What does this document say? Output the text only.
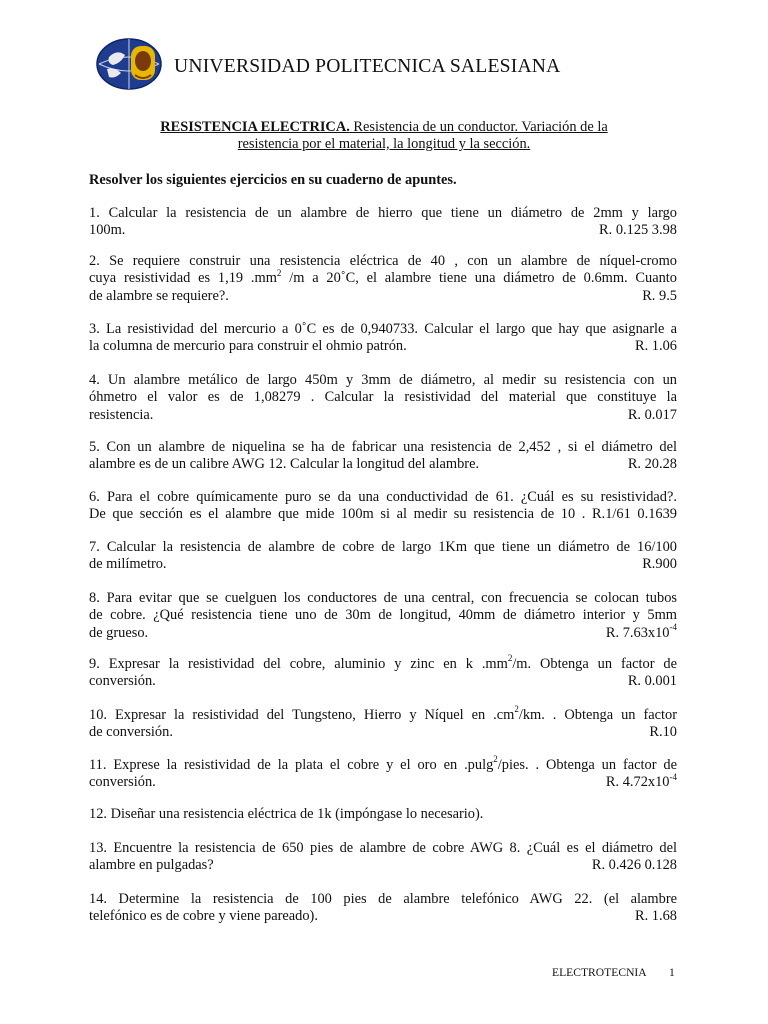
UNIVERSIDAD POLITECNICA SALESIANA
RESISTENCIA ELECTRICA. Resistencia de un conductor. Variación de la
resistencia por el material, la longitud y la sección.
Resolver los siguientes ejercicios en su cuaderno de apuntes.
1. Calcular la resistencia de un alambre de hierro que tiene un diámetro de 2mm y largo
100m.	R. 0.125 3.98
2. Se requiere construir una resistencia eléctrica de 40 , con un alambre de níquel-cromo
cuya resistividad es 1,19 $.mm^2$ /m a 20˚C, el alambre tiene una diámetro de 0.6mm. Cuanto
de alambre se requiere?.	R. 9.5
3. La resistividad del mercurio a 0˚C es de 0,940733. Calcular el largo que hay que asignarle a
la columna de mercurio para construir el ohmio patrón.	R. 1.06
4. Un alambre metálico de largo 450m y 3mm de diámetro, al medir su resistencia con un
óhmetro el valor es de 1,08279 . Calcular la resistividad del material que constituye la
resistencia.	R. 0.017
5. Con un alambre de niquelina se ha de fabricar una resistencia de 2,452 , si el diámetro del
alambre es de un calibre AWG 12. Calcular la longitud del alambre.	R. 20.28
6. Para el cobre químicamente puro se da una conductividad de 61. ¿Cuál es su resistividad?.
De que sección es el alambre que mide 100m si al medir su resistencia de 10 . R.1/61 0.1639
7. Calcular la resistencia de alambre de cobre de largo 1Km que tiene un diámetro de 16/100
de milímetro.	R.900
8. Para evitar que se cuelguen los conductores de una central, con frecuencia se colocan tubos
de cobre. ¿Qué resistencia tiene uno de 30m de longitud, 40mm de diámetro interior y 5mm
de grueso.	R. $7.63x10^{-4}$
9. Expresar la resistividad del cobre, aluminio y zinc en k $.mm^2/m$. Obtenga un factor de
conversión.	R. 0.001
10. Expresar la resistividad del Tungsteno, Hierro y Níquel en $.cm^2/km$. . Obtenga un factor
de conversión.	R.10
11. Exprese la resistividad de la plata el cobre y el oro en .pulg$^2$/pies. . Obtenga un factor de
conversión.	R. $4.72x10^{-4}$
12. Diseñar una resistencia eléctrica de 1k (impóngase lo necesario).
13. Encuentre la resistencia de 650 pies de alambre de cobre AWG 8. ¿Cuál es el diámetro del
alambre en pulgadas?	R. 0.426 0.128
14. Determine la resistencia de 100 pies de alambre telefónico AWG 22. (el alambre
telefónico es de cobre y viene pareado).	R. 1.68
ELECTROTECNIA 1
